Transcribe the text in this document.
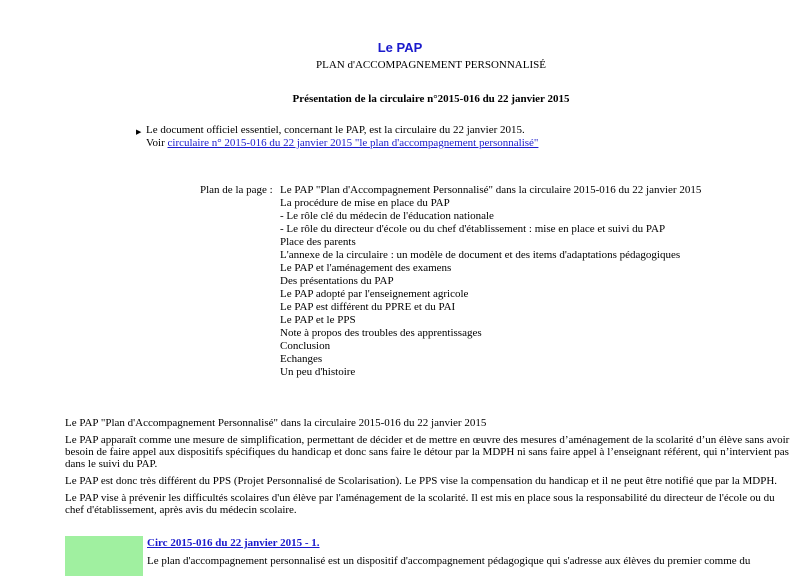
Le PAP
PLAN d'ACCOMPAGNEMENT PERSONNALISÉ
Présentation de la circulaire n°2015-016 du 22 janvier 2015
▶ Le document officiel essentiel, concernant le PAP, est la circulaire du 22 janvier 2015.
Voir circulaire n° 2015-016 du 22 janvier 2015 "le plan d'accompagnement personnalisé"
Plan de la page : Le PAP "Plan d'Accompagnement Personnalisé" dans la circulaire 2015-016 du 22 janvier 2015
La procédure de mise en place du PAP
- Le rôle clé du médecin de l'éducation nationale
- Le rôle du directeur d'école ou du chef d'établissement : mise en place et suivi du PAP
Place des parents
L'annexe de la circulaire : un modèle de document et des items d'adaptations pédagogiques
Le PAP et l'aménagement des examens
Des présentations du PAP
Le PAP adopté par l'enseignement agricole
Le PAP est différent du PPRE et du PAI
Le PAP et le PPS
Note à propos des troubles des apprentissages
Conclusion
Echanges
Un peu d'histoire

Le PAP "Plan d'Accompagnement Personnalisé" dans la circulaire 2015-016 du 22 janvier 2015

Le PAP apparaît comme une mesure de simplification, permettant de décider et de mettre en œuvre des mesures d’aménagement de la scolarité d’un élève sans avoir besoin de faire appel aux dispositifs spécifiques du handicap et donc sans faire le détour par la MDPH ni sans faire appel à l’enseignant référent, qui n’intervient pas dans le suivi du PAP.

Le PAP est donc très différent du PPS (Projet Personnalisé de Scolarisation). Le PPS vise la compensation du handicap et il ne peut être notifié que par la MDPH.

Le PAP vise à prévenir les difficultés scolaires d'un élève par l'aménagement de la scolarité. Il est mis en place sous la responsabilité du directeur de l'école ou du chef d'établissement, après avis du médecin scolaire.

Circ 2015-016 du 22 janvier 2015 - 1.
Le plan d'accompagnement personnalisé est un dispositif d'accompagnement pédagogique qui s'adresse aux élèves du premier comme du
